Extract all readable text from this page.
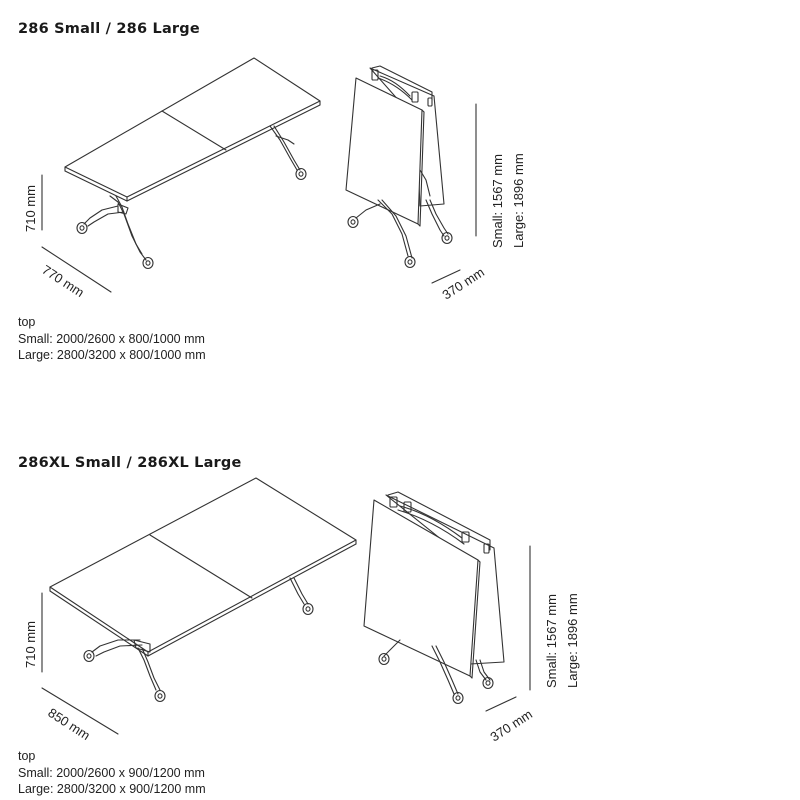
286 Small / 286 Large
710 mm
770 mm	370 mm
Small: 1567 mm Large: 1896 mm
710 mm
850 mm	370 mm
Small: 1567 mm Large: 1896 mm
top
Small: 2000/2600 x 800/1000 mm
Large: 2800/3200 x 800/1000 mm
286XL Small / 286XL Large
top
Small: 2000/2600 x 900/1200 mm
Large: 2800/3200 x 900/1200 mm
